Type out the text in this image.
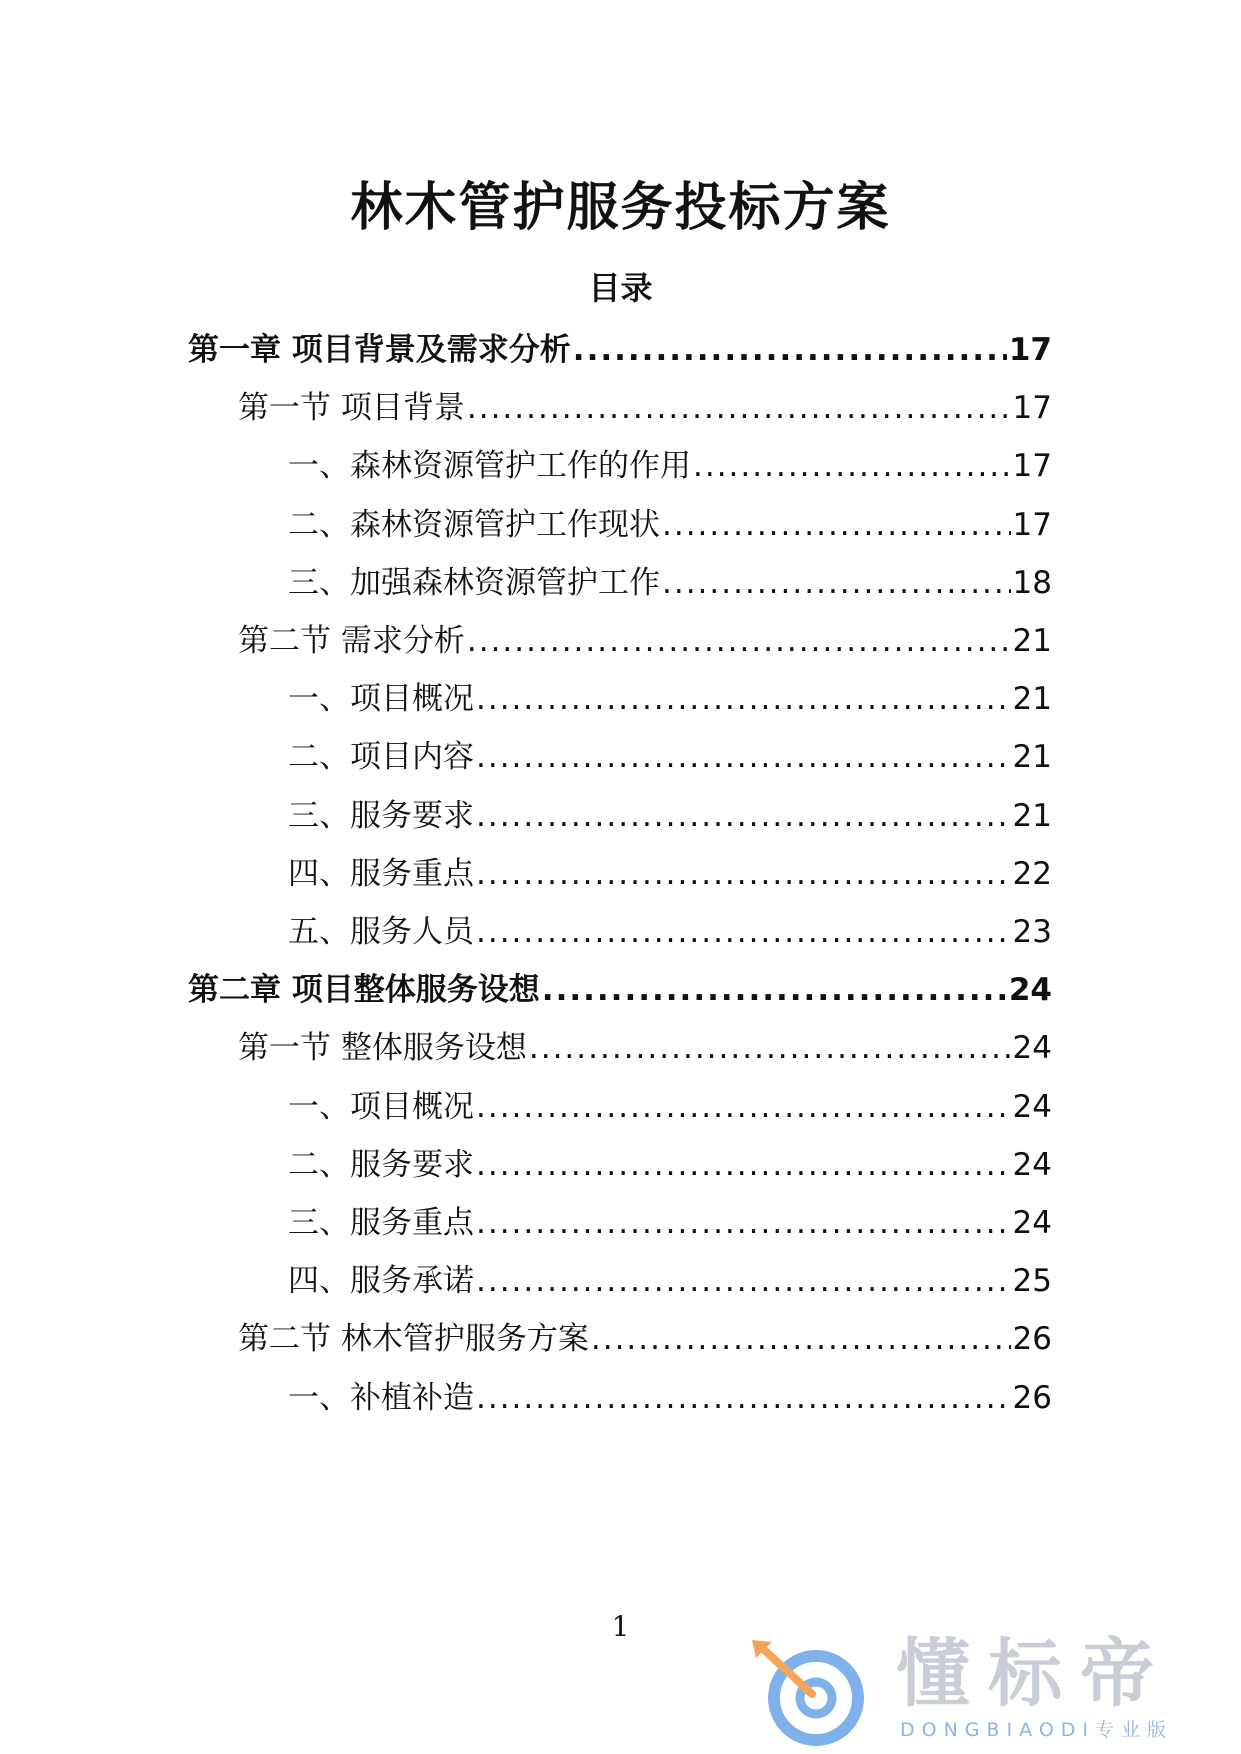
林木管护服务投标方案
目录
第一章 项目背景及需求分析 .....	17
第一节 项目背景 .....	17
一、森林资源管护工作的作用 .....	17
二、森林资源管护工作现状 .....	17
三、加强森林资源管护工作 .....	18
第二节 需求分析 .....	21
一、项目概况 .....	21
二、项目内容 .....	21
三、服务要求 .....	21
四、服务重点 .....	22
五、服务人员 .....	23
第二章 项目整体服务设想 .....	24
第一节 整体服务设想 .....	24
一、项目概况 .....	24
二、服务要求 .....	24
三、服务重点 .....	24
四、服务承诺 .....	25
第二节 林木管护服务方案 .....	26
一、补植补造 .....	26
1
懂标帝
DONGBIAODI专业版
